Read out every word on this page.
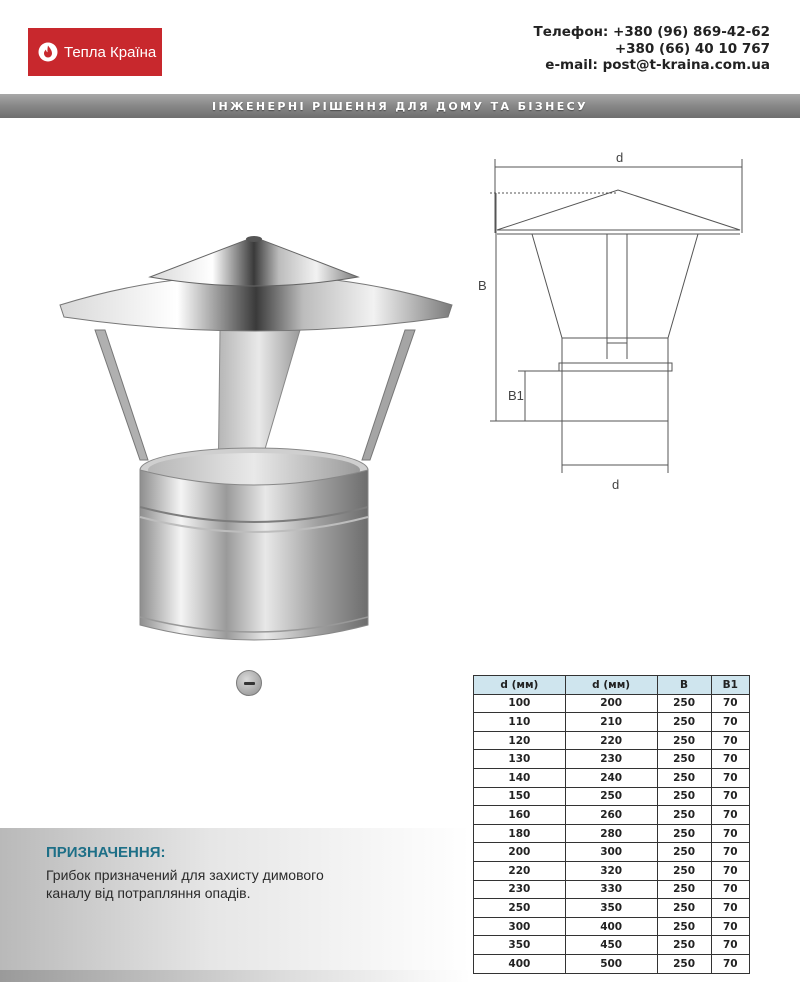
Тепла Країна
Телефон: +380 (96) 869-42-62
+380 (66) 40 10 767
e-mail: post@t-kraina.com.ua
ІНЖЕНЕРНІ РІШЕННЯ ДЛЯ ДОМУ ТА БІЗНЕСУ
d
B
B1
d
d (мм)	d (мм)	B	B1
100	200	250	70
110	210	250	70
120	220	250	70
130	230	250	70
140	240	250	70
150	250	250	70
160	260	250	70
180	280	250	70
200	300	250	70
220	320	250	70
230	330	250	70
250	350	250	70
300	400	250	70
350	450	250	70
400	500	250	70
ПРИЗНАЧЕННЯ:
Грибок призначений для захисту димового каналу від потрапляння опадів.
